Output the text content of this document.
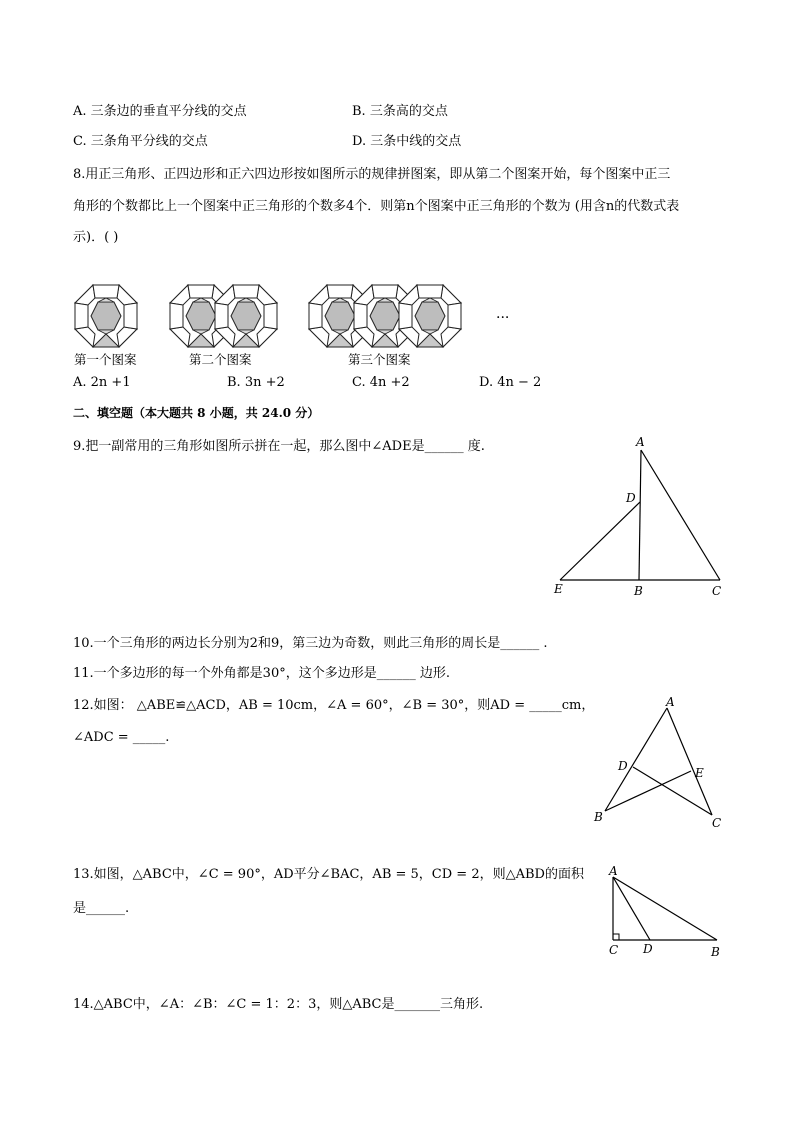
A. 三条边的垂直平分线的交点	B. 三条高的交点
C. 三条角平分线的交点	D. 三条中线的交点
8.用正三角形、正四边形和正六四边形按如图所示的规律拼图案，即从第二个图案开始，每个图案中正三
角形的个数都比上一个图案中正三角形的个数多4个．则第n个图案中正三角形的个数为 (用含n的代数式表
示)．( )
...
第一个图案	第二个图案	第三个图案
A. 2n +1	B. 3n +2	C. 4n +2	D. 4n − 2
二、填空题（本大题共 8 小题，共 24.0 分）
9.把一副常用的三角形如图所示拼在一起，那么图中∠ADE是______ 度.	A
D
E	B	C
10.一个三角形的两边长分别为2和9，第三边为奇数，则此三角形的周长是______ .
11.一个多边形的每一个外角都是30°，这个多边形是______ 边形.
12.如图： △ABE≌△ACD，AB = 10cm，∠A = 60°，∠B = 30°，则AD = _____cm，
∠ADC = _____.
A
D	E
B	C
13.如图，△ABC中，∠C = 90°，AD平分∠BAC，AB = 5，CD = 2，则△ABD的面积
是______.
A
C D	B
14.△ABC中，∠A：∠B：∠C = 1：2：3，则△ABC是_______三角形.
